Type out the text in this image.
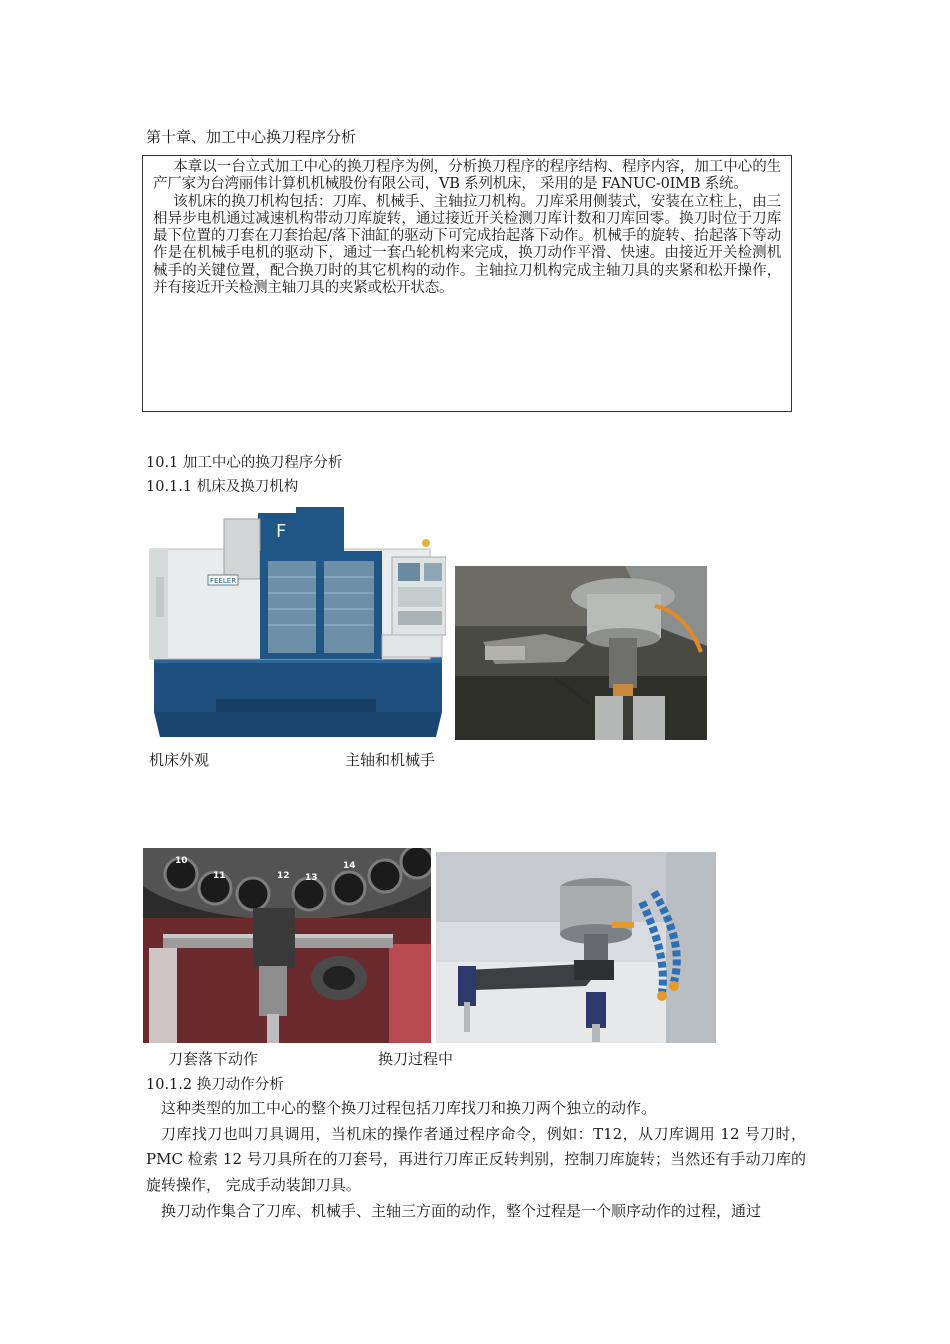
第十章、加工中心换刀程序分析

本章以一台立式加工中心的换刀程序为例，分析换刀程序的程序结构、程序内容，加工中心的生产厂家为台湾丽伟计算机机械股份有限公司，VB 系列机床， 采用的是 FANUC-0IMB 系统。

该机床的换刀机构包括：刀库、机械手、主轴拉刀机构。刀库采用侧装式，安装在立柱上，由三相异步电机通过减速机构带动刀库旋转，通过接近开关检测刀库计数和刀库回零。换刀时位于刀库最下位置的刀套在刀套抬起/落下油缸的驱动下可完成抬起落下动作。机械手的旋转、抬起落下等动作是在机械手电机的驱动下，通过一套凸轮机构来完成，换刀动作平滑、快速。由接近开关检测机械手的关键位置，配合换刀时的其它机构的动作。主轴拉刀机构完成主轴刀具的夹紧和松开操作，并有接近开关检测主轴刀具的夹紧或松开状态。

10.1 加工中心的换刀程序分析
10.1.1 机床及换刀机构
F
FEELER
机床外观	主轴和机械手
10
11	12 13
14
刀套落下动作	换刀过程中
10.1.2 换刀动作分析

这种类型的加工中心的整个换刀过程包括刀库找刀和换刀两个独立的动作。

刀库找刀也叫刀具调用，当机床的操作者通过程序命令，例如：T12，从刀库调用 12 号刀时，PMC 检索 12 号刀具所在的刀套号，再进行刀库正反转判别，控制刀库旋转；当然还有手动刀库的旋转操作， 完成手动装卸刀具。

换刀动作集合了刀库、机械手、主轴三方面的动作，整个过程是一个顺序动作的过程，通过
